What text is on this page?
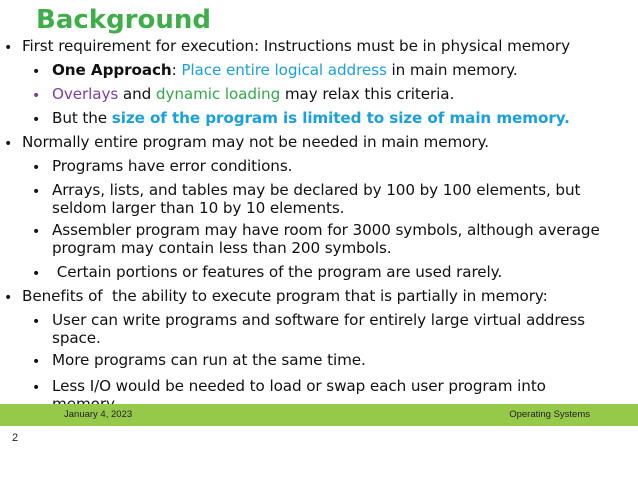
Background
• First requirement for execution: Instructions must be in physical memory
• One Approach: Place entire logical address in main memory.
• Overlays and dynamic loading may relax this criteria.
• But the size of the program is limited to size of main memory.
• Normally entire program may not be needed in main memory.
• Programs have error conditions.
• Arrays, lists, and tables may be declared by 100 by 100 elements, but
seldom larger than 10 by 10 elements.
• Assembler program may have room for 3000 symbols, although average
program may contain less than 200 symbols.
• Certain portions or features of the program are used rarely.
• Benefits of  the ability to execute program that is partially in memory:
• User can write programs and software for entirely large virtual address
space.
• More programs can run at the same time.
• Less I/O would be needed to load or swap each user program into
January 4, 2023	Operating Systems
2
